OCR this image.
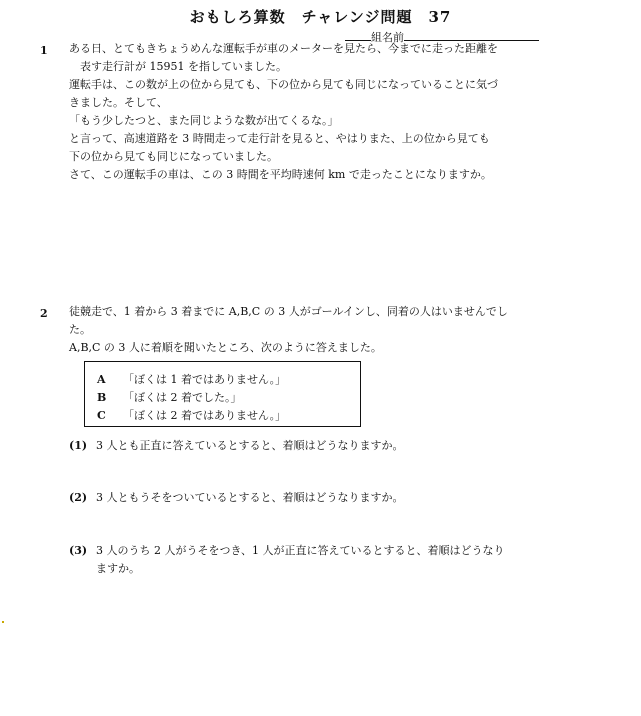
おもしろ算数　チャレンジ問題　37
組名前
1 ある日、とてもきちょうめんな運転手が車のメーターを見たら、今までに走った距離を
表す走行計が 15951 を指していました。
運転手は、この数が上の位から見ても、下の位から見ても同じになっていることに気づ
きました。そして、
「もう少したつと、また同じような数が出てくるな。」
と言って、高速道路を 3 時間走って走行計を見ると、やはりまた、上の位から見ても
下の位から見ても同じになっていました。
さて、この運転手の車は、この 3 時間を平均時速何 km で走ったことになりますか。
2 徒競走で、1 着から 3 着までに A,B,C の 3 人がゴールインし、同着の人はいませんでし
た。
A,B,C の 3 人に着順を聞いたところ、次のように答えました。
A 「ぼくは 1 着ではありません。」
B 「ぼくは 2 着でした。」
C 「ぼくは 2 着ではありません。」
(1) 3 人とも正直に答えているとすると、着順はどうなりますか。
(2) 3 人ともうそをついているとすると、着順はどうなりますか。
(3) 3 人のうち 2 人がうそをつき、1 人が正直に答えているとすると、着順はどうなり
ますか。
